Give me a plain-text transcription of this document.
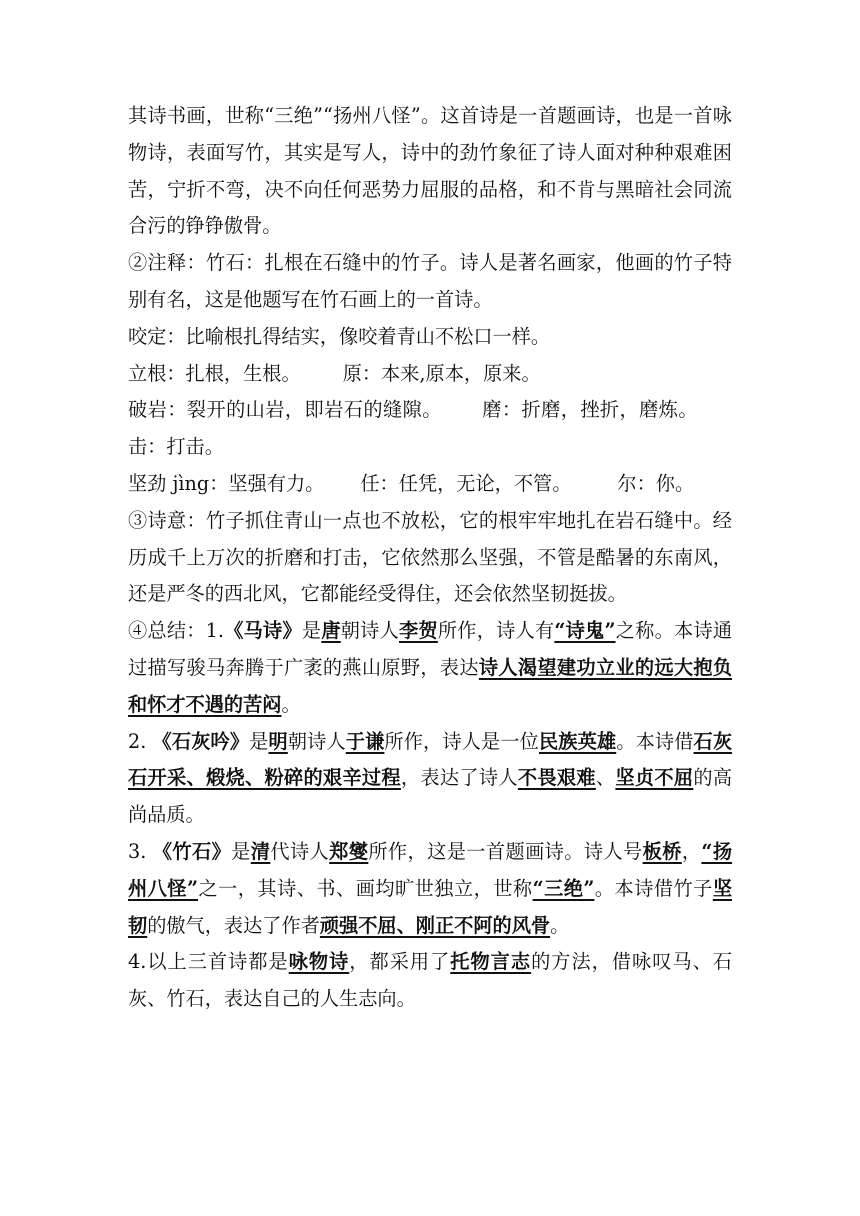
其诗书画，世称“三绝”“扬州八怪”。这首诗是一首题画诗，也是一首咏物诗，表面写竹，其实是写人，诗中的劲竹象征了诗人面对种种艰难困苦，宁折不弯，决不向任何恶势力屈服的品格，和不肯与黑暗社会同流合污的铮铮傲骨。

②注释：竹石：扎根在石缝中的竹子。诗人是著名画家，他画的竹子特别有名，这是他题写在竹石画上的一首诗。

咬定：比喻根扎得结实，像咬着青山不松口一样。

立根：扎根，生根。 原：本来,原本，原来。

破岩：裂开的山岩，即岩石的缝隙。 磨：折磨，挫折，磨炼。击：打击。

坚劲 jìng：坚强有力。 任：任凭，无论，不管。 尔：你。

③诗意：竹子抓住青山一点也不放松，它的根牢牢地扎在岩石缝中。经历成千上万次的折磨和打击，它依然那么坚强，不管是酷暑的东南风，还是严冬的西北风，它都能经受得住，还会依然坚韧挺拔。

④总结：1.《马诗》是唐朝诗人李贺所作，诗人有“诗鬼”之称。本诗通过描写骏马奔腾于广袤的燕山原野，表达诗人渴望建功立业的远大抱负和怀才不遇的苦闷。

2. 《石灰吟》是明朝诗人于谦所作，诗人是一位民族英雄。本诗借石灰石开采、煅烧、粉碎的艰辛过程，表达了诗人不畏艰难、坚贞不屈的高尚品质。

3. 《竹石》是清代诗人郑燮所作，这是一首题画诗。诗人号板桥，“扬州八怪”之一，其诗、书、画均旷世独立，世称“三绝”。本诗借竹子坚韧的傲气，表达了作者顽强不屈、刚正不阿的风骨。

4.以上三首诗都是咏物诗，都采用了托物言志的方法，借咏叹马、石灰、竹石，表达自己的人生志向。
